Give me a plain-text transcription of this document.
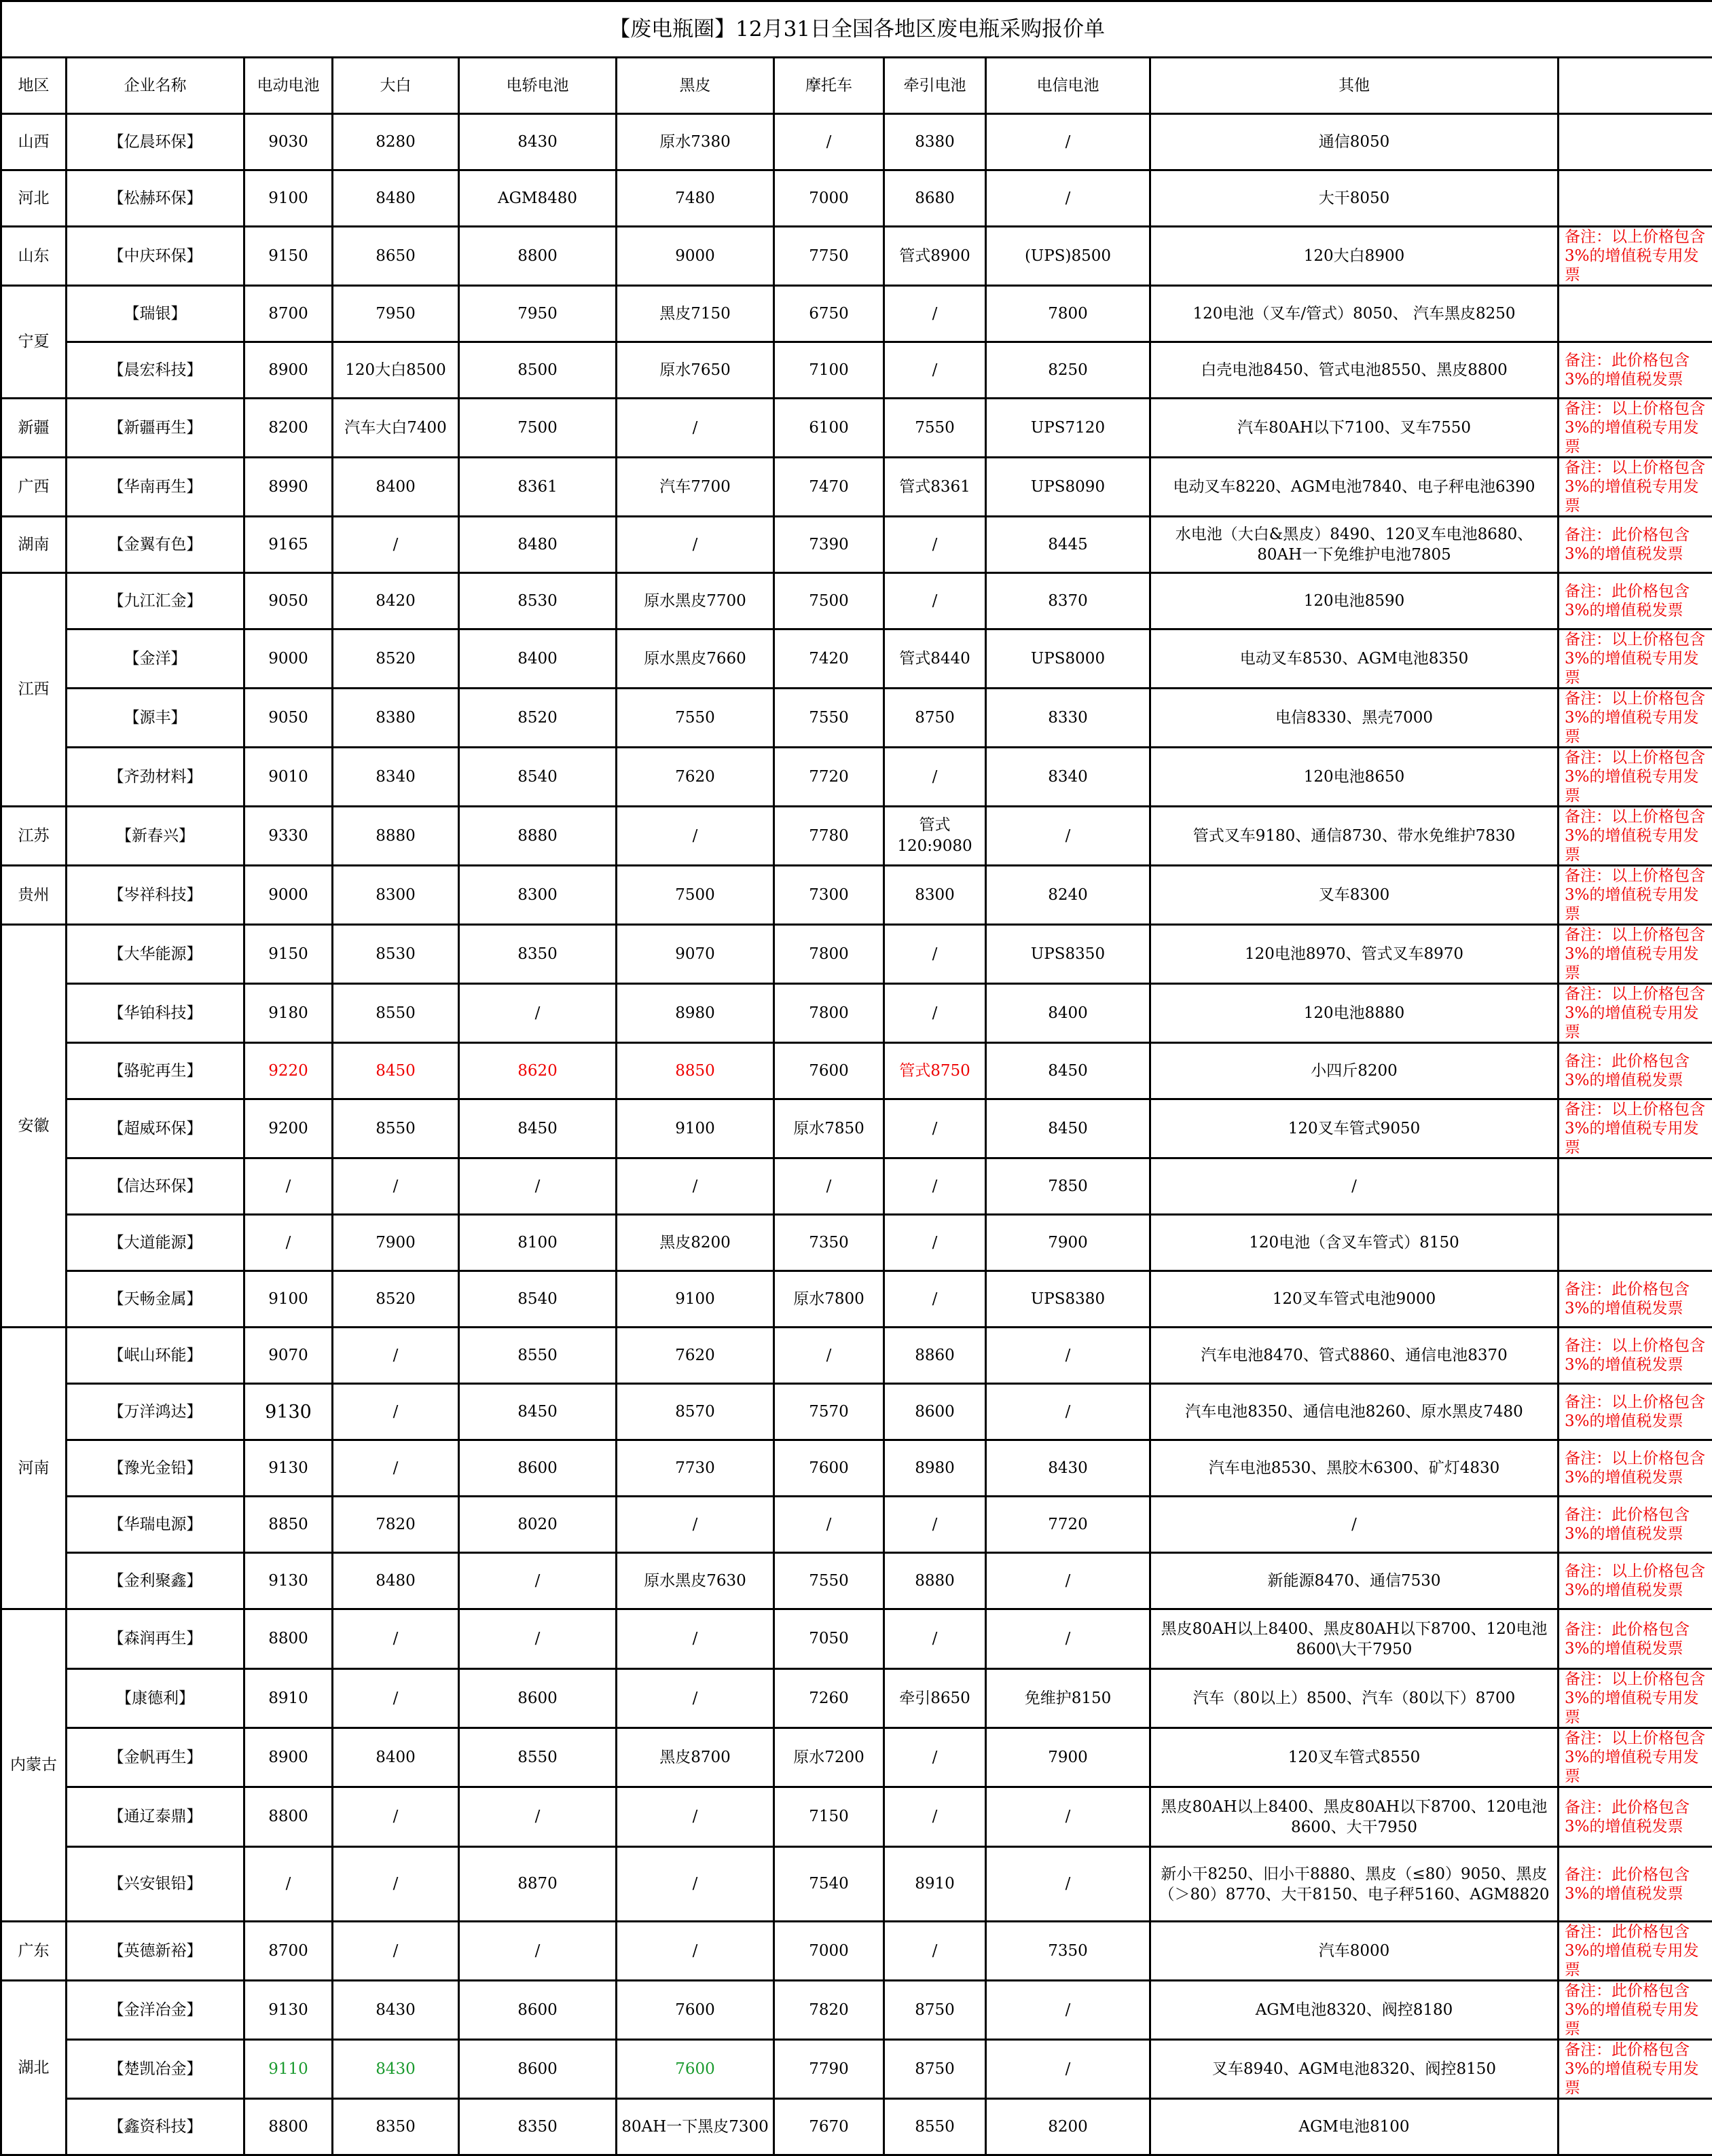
【废电瓶圈】12月31日全国各地区废电瓶采购报价单										
地区	企业名称	电动电池	大白	电轿电池	黑皮	摩托车	牵引电池	电信电池	其他	
山西	【亿晨环保】	9030	8280	8430	原水7380	/	8380	/	通信8050	
河北	【松赫环保】	9100	8480	AGM8480	7480	7000	8680	/	大干8050	
山东	【中庆环保】	9150	8650	8800	9000	7750	管式8900	(UPS)8500	120大白8900	备注：以上价格包含3%的增值税专用发票
宁夏	【瑞银】	8700	7950	7950	黑皮7150	6750	/	7800	120电池（叉车/管式）8050、 汽车黑皮8250	
	【晨宏科技】	8900	120大白8500	8500	原水7650	7100	/	8250	白壳电池8450、管式电池8550、黑皮8800	备注：此价格包含3%的增值税发票
新疆	【新疆再生】	8200	汽车大白7400	7500	/	6100	7550	UPS7120	汽车80AH以下7100、叉车7550	备注：以上价格包含3%的增值税专用发票
广西	【华南再生】	8990	8400	8361	汽车7700	7470	管式8361	UPS8090	电动叉车8220、AGM电池7840、电子秤电池6390	备注：以上价格包含3%的增值税专用发票
湖南	【金翼有色】	9165	/	8480	/	7390	/	8445	水电池（大白&黑皮）8490、120叉车电池8680、80AH一下免维护电池7805	备注：此价格包含3%的增值税发票
江西	【九江汇金】	9050	8420	8530	原水黑皮7700	7500	/	8370	120电池8590	备注：此价格包含3%的增值税发票
	【金洋】	9000	8520	8400	原水黑皮7660	7420	管式8440	UPS8000	电动叉车8530、AGM电池8350	备注：以上价格包含3%的增值税专用发票
	【源丰】	9050	8380	8520	7550	7550	8750	8330	电信8330、黑壳7000	备注：以上价格包含3%的增值税专用发票
	【齐劲材料】	9010	8340	8540	7620	7720	/	8340	120电池8650	备注：以上价格包含3%的增值税专用发票
江苏	【新春兴】	9330	8880	8880	/	7780	管式120:9080	/	管式叉车9180、通信8730、带水免维护7830	备注：以上价格包含3%的增值税专用发票
贵州	【岑祥科技】	9000	8300	8300	7500	7300	8300	8240	叉车8300	备注：以上价格包含3%的增值税专用发票
安徽	【大华能源】	9150	8530	8350	9070	7800	/	UPS8350	120电池8970、管式叉车8970	备注：以上价格包含3%的增值税专用发票
	【华铂科技】	9180	8550	/	8980	7800	/	8400	120电池8880	备注：以上价格包含3%的增值税专用发票
	【骆驼再生】	9220	8450	8620	8850	7600	管式8750	8450	小四斤8200	备注：此价格包含3%的增值税发票
	【超威环保】	9200	8550	8450	9100	原水7850	/	8450	120叉车管式9050	备注：以上价格包含3%的增值税专用发票
	【信达环保】	/	/	/	/	/	/	7850	/	
	【大道能源】	/	7900	8100	黑皮8200	7350	/	7900	120电池（含叉车管式）8150	
	【天畅金属】	9100	8520	8540	9100	原水7800	/	UPS8380	120叉车管式电池9000	备注：此价格包含3%的增值税发票
河南	【岷山环能】	9070	/	8550	7620	/	8860	/	汽车电池8470、管式8860、通信电池8370	备注：以上价格包含3%的增值税发票
	【万洋鸿达】	9130	/	8450	8570	7570	8600	/	汽车电池8350、通信电池8260、原水黑皮7480	备注：以上价格包含3%的增值税发票
	【豫光金铅】	9130	/	8600	7730	7600	8980	8430	汽车电池8530、黑胶木6300、矿灯4830	备注：以上价格包含3%的增值税发票
	【华瑞电源】	8850	7820	8020	/	/	/	7720	/	备注：此价格包含3%的增值税发票
	【金利聚鑫】	9130	8480	/	原水黑皮7630	7550	8880	/	新能源8470、通信7530	备注：以上价格包含3%的增值税发票
内蒙古	【森润再生】	8800	/	/	/	7050	/	/	黑皮80AH以上8400、黑皮80AH以下8700、120电池8600\大干7950	备注：此价格包含3%的增值税发票
	【康德利】	8910	/	8600	/	7260	牵引8650	免维护8150	汽车（80以上）8500、汽车（80以下）8700	备注：以上价格包含3%的增值税专用发票
	【金帆再生】	8900	8400	8550	黑皮8700	原水7200	/	7900	120叉车管式8550	备注：以上价格包含3%的增值税专用发票
	【通辽泰鼎】	8800	/	/	/	7150	/	/	黑皮80AH以上8400、黑皮80AH以下8700、120电池8600、大干7950	备注：此价格包含3%的增值税发票
	【兴安银铅】	/	/	8870	/	7540	8910	/	新小干8250、旧小干8880、黑皮（≤80）9050、黑皮（＞80）8770、大干8150、电子秤5160、AGM8820	备注：此价格包含3%的增值税发票
广东	【英德新裕】	8700	/	/	/	7000	/	7350	汽车8000	备注：此价格包含3%的增值税专用发票
湖北	【金洋冶金】	9130	8430	8600	7600	7820	8750	/	AGM电池8320、阀控8180	备注：此价格包含3%的增值税专用发票
	【楚凯冶金】	9110	8430	8600	7600	7790	8750	/	叉车8940、AGM电池8320、阀控8150	备注：此价格包含3%的增值税专用发票
	【鑫资科技】	8800	8350	8350	80AH一下黑皮7300	7670	8550	8200	AGM电池8100	
